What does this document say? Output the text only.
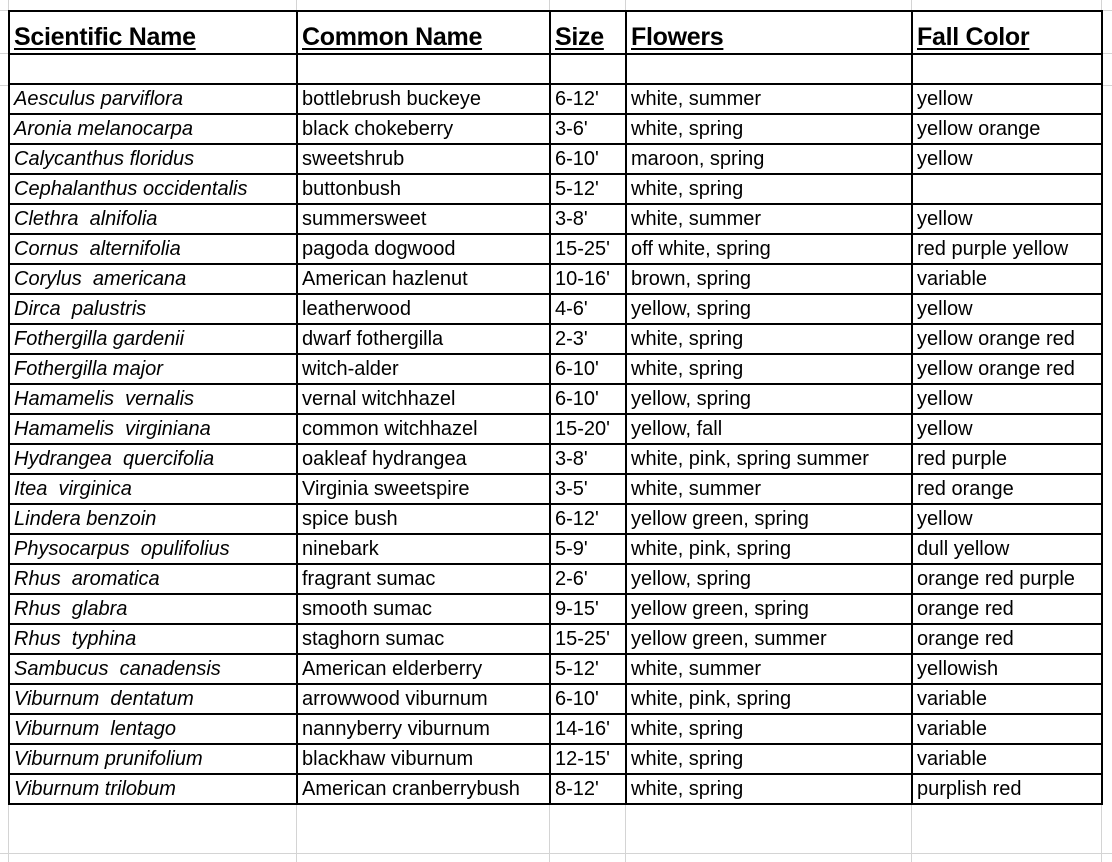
Scientific Name	Common Name	Size	Flowers	Fall Color

Aesculus parviflora	bottlebrush buckeye	6-12'	white, summer	yellow
Aronia melanocarpa	black chokeberry	3-6'	white, spring	yellow orange
Calycanthus floridus	sweetshrub	6-10'	maroon, spring	yellow
Cephalanthus occidentalis	buttonbush	5-12'	white, spring	
Clethra  alnifolia	summersweet	3-8'	white, summer	yellow
Cornus  alternifolia	pagoda dogwood	15-25'	off white, spring	red purple yellow
Corylus  americana	American hazlenut	10-16'	brown, spring	variable
Dirca  palustris	leatherwood	4-6'	yellow, spring	yellow
Fothergilla gardenii	dwarf fothergilla	2-3'	white, spring	yellow orange red
Fothergilla major	witch-alder	6-10'	white, spring	yellow orange red
Hamamelis  vernalis	vernal witchhazel	6-10'	yellow, spring	yellow
Hamamelis  virginiana	common witchhazel	15-20'	yellow, fall	yellow
Hydrangea  quercifolia	oakleaf hydrangea	3-8'	white, pink, spring summer	red purple
Itea  virginica	Virginia sweetspire	3-5'	white, summer	red orange
Lindera benzoin	spice bush	6-12'	yellow green, spring	yellow
Physocarpus  opulifolius	ninebark	5-9'	white, pink, spring	dull yellow
Rhus  aromatica	fragrant sumac	2-6'	yellow, spring	orange red purple
Rhus  glabra	smooth sumac	9-15'	yellow green, spring	orange red
Rhus  typhina	staghorn sumac	15-25'	yellow green, summer	orange red
Sambucus  canadensis	American elderberry	5-12'	white, summer	yellowish
Viburnum  dentatum	arrowwood viburnum	6-10'	white, pink, spring	variable
Viburnum  lentago	nannyberry viburnum	14-16'	white, spring	variable
Viburnum prunifolium	blackhaw viburnum	12-15'	white, spring	variable
Viburnum trilobum	American cranberrybush	8-12'	white, spring	purplish red
